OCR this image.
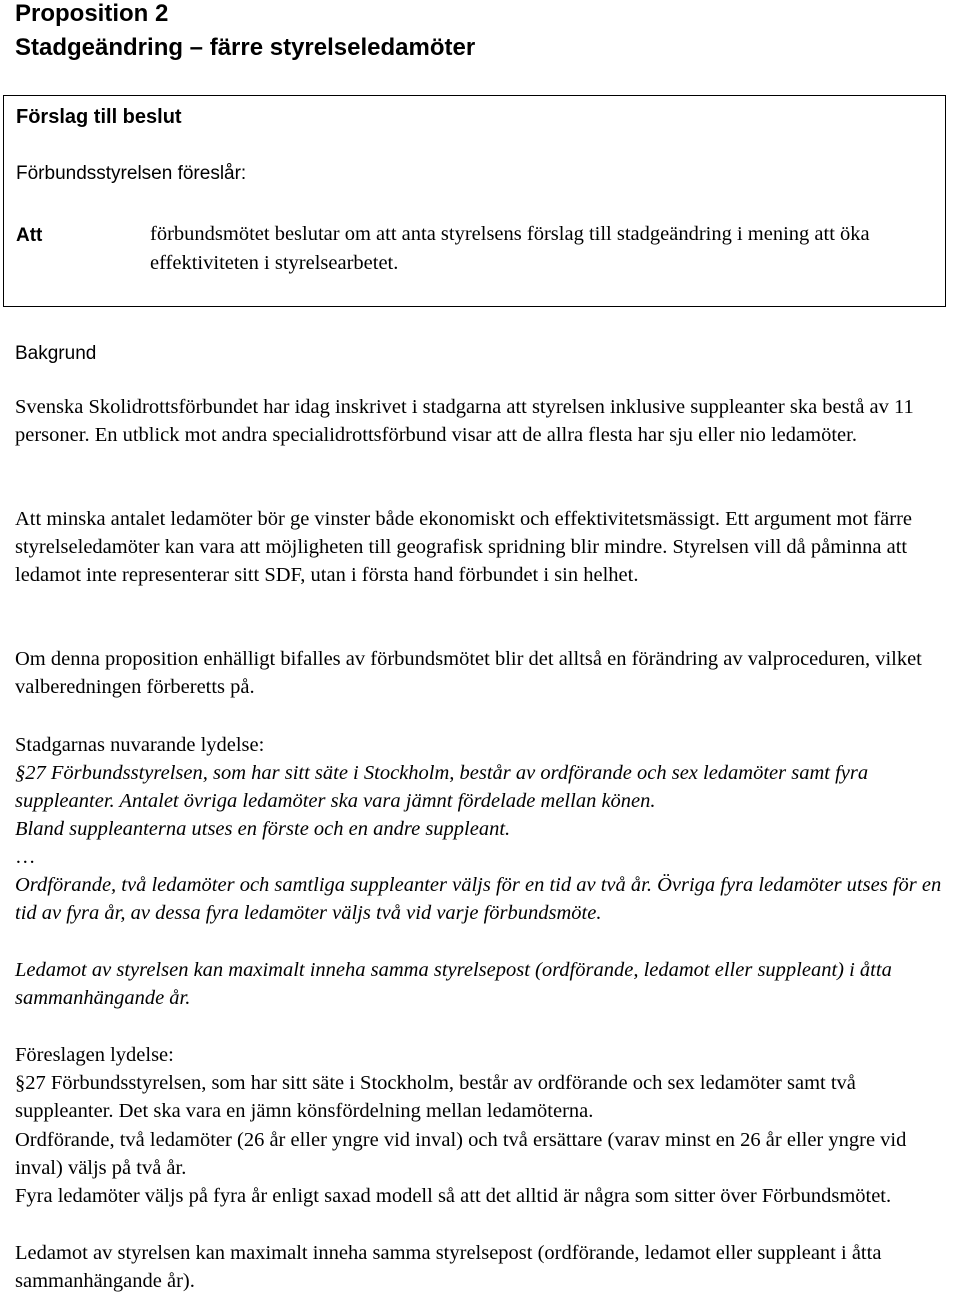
Proposition 2
Stadgeändring – färre styrelseledamöter
Förslag till beslut
Förbundsstyrelsen föreslår:
Att	förbundsmötet beslutar om att anta styrelsens förslag till stadgeändring i mening att öka effektiviteten i styrelsearbetet.
Bakgrund

Svenska Skolidrottsförbundet har idag inskrivet i stadgarna att styrelsen inklusive suppleanter ska bestå av 11 personer. En utblick mot andra specialidrottsförbund visar att de allra flesta har sju eller nio ledamöter.

Att minska antalet ledamöter bör ge vinster både ekonomiskt och effektivitetsmässigt. Ett argument mot färre styrelseledamöter kan vara att möjligheten till geografisk spridning blir mindre. Styrelsen vill då påminna att ledamot inte representerar sitt SDF, utan i första hand förbundet i sin helhet.

Om denna proposition enhälligt bifalles av förbundsmötet blir det alltså en förändring av valproceduren, vilket valberedningen förberetts på.

Stadgarnas nuvarande lydelse:

§27 Förbundsstyrelsen, som har sitt säte i Stockholm, består av ordförande och sex ledamöter samt fyra suppleanter. Antalet övriga ledamöter ska vara jämnt fördelade mellan könen.

Bland suppleanterna utses en förste och en andre suppleant.

…

Ordförande, två ledamöter och samtliga suppleanter väljs för en tid av två år. Övriga fyra ledamöter utses för en tid av fyra år, av dessa fyra ledamöter väljs två vid varje förbundsmöte.

Ledamot av styrelsen kan maximalt inneha samma styrelsepost (ordförande, ledamot eller suppleant) i åtta sammanhängande år.

Föreslagen lydelse:

§27 Förbundsstyrelsen, som har sitt säte i Stockholm, består av ordförande och sex ledamöter samt två suppleanter. Det ska vara en jämn könsfördelning mellan ledamöterna.

Ordförande, två ledamöter (26 år eller yngre vid inval) och två ersättare (varav minst en 26 år eller yngre vid inval) väljs på två år.

Fyra ledamöter väljs på fyra år enligt saxad modell så att det alltid är några som sitter över Förbundsmötet.

Ledamot av styrelsen kan maximalt inneha samma styrelsepost (ordförande, ledamot eller suppleant i åtta sammanhängande år).
